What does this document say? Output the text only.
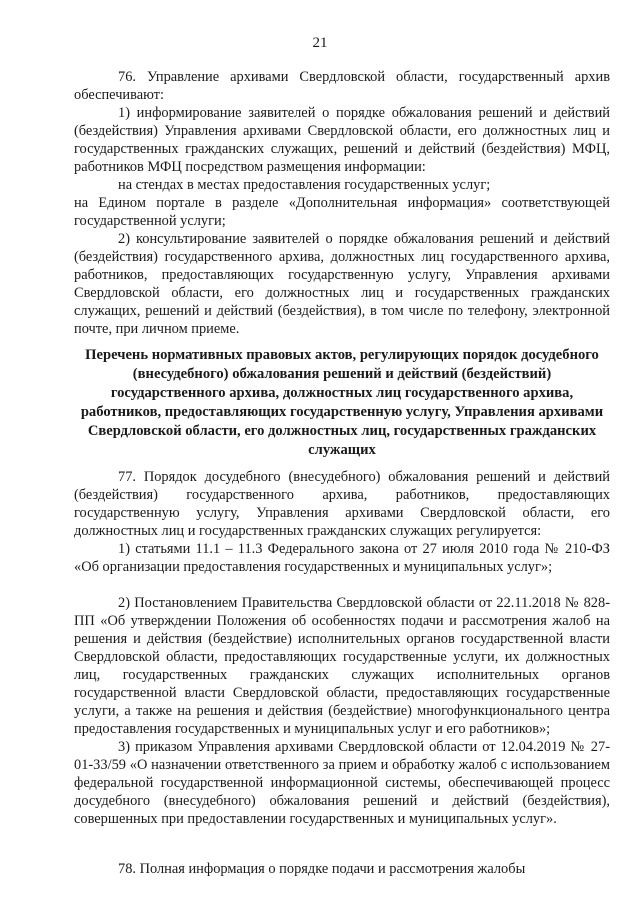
21

76. Управление архивами Свердловской области, государственный архив обеспечивают:

1) информирование заявителей о порядке обжалования решений и действий (бездействия) Управления архивами Свердловской области, его должностных лиц и государственных гражданских служащих, решений и действий (бездействия) МФЦ, работников МФЦ посредством размещения информации:

на стендах в местах предоставления государственных услуг;

на Едином портале в разделе «Дополнительная информация» соответствующей государственной услуги;

2) консультирование заявителей о порядке обжалования решений и действий (бездействия) государственного архива, должностных лиц государственного архива, работников, предоставляющих государственную услугу, Управления архивами Свердловской области, его должностных лиц и государственных гражданских служащих, решений и действий (бездействия), в том числе по телефону, электронной почте, при личном приеме.

Перечень нормативных правовых актов, регулирующих порядок досудебного (внесудебного) обжалования решений и действий (бездействий) государственного архива, должностных лиц государственного архива, работников, предоставляющих государственную услугу, Управления архивами Свердловской области, его должностных лиц, государственных гражданских служащих

77. Порядок досудебного (внесудебного) обжалования решений и действий (бездействия) государственного архива, работников, предоставляющих государственную услугу, Управления архивами Свердловской области, его должностных лиц и государственных гражданских служащих регулируется:

1) статьями 11.1 – 11.3 Федерального закона от 27 июля 2010 года № 210-ФЗ «Об организации предоставления государственных и муниципальных услуг»;

2) Постановлением Правительства Свердловской области от 22.11.2018 № 828-ПП «Об утверждении Положения об особенностях подачи и рассмотрения жалоб на решения и действия (бездействие) исполнительных органов государственной власти Свердловской области, предоставляющих государственные услуги, их должностных лиц, государственных гражданских служащих исполнительных органов государственной власти Свердловской области, предоставляющих государственные услуги, а также на решения и действия (бездействие) многофункционального центра предоставления государственных и муниципальных услуг и его работников»;

3) приказом Управления архивами Свердловской области от 12.04.2019 № 27-01-33/59 «О назначении ответственного за прием и обработку жалоб с использованием федеральной государственной информационной системы, обеспечивающей процесс досудебного (внесудебного) обжалования решений и действий (бездействия), совершенных при предоставлении государственных и муниципальных услуг».

78. Полная информация о порядке подачи и рассмотрения жалобы
